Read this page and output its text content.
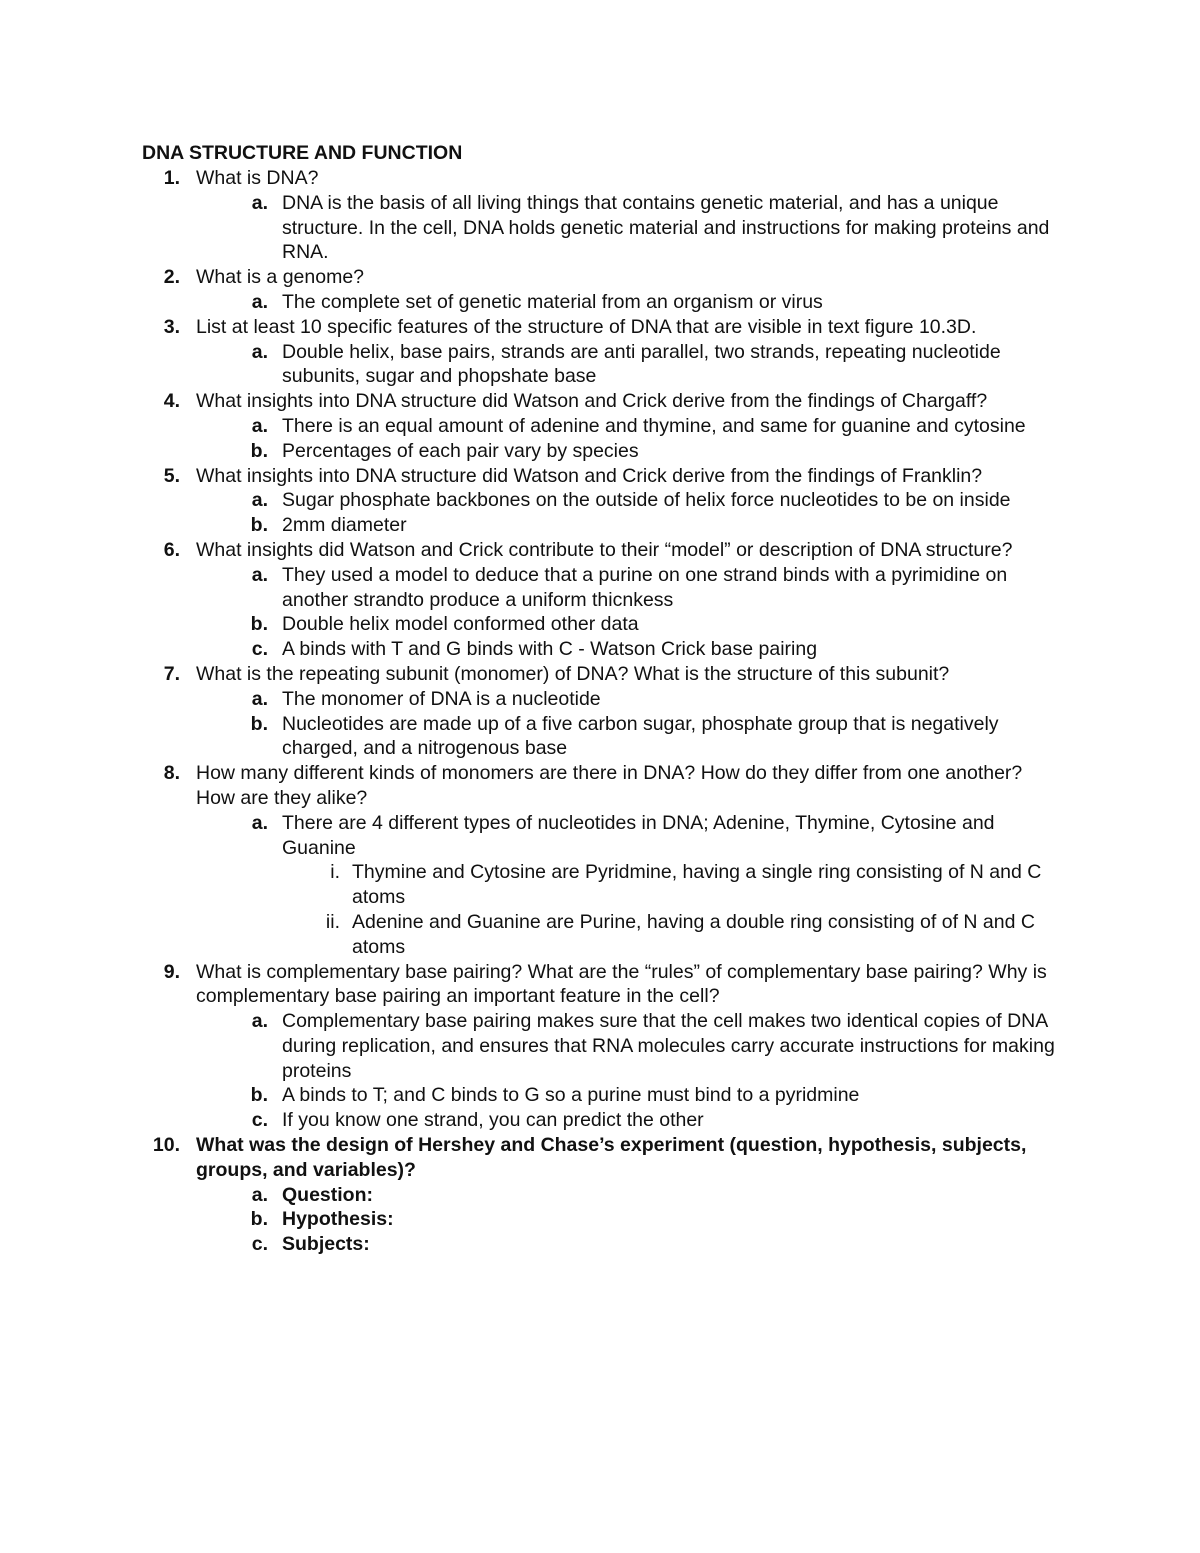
DNA STRUCTURE AND FUNCTION
1. What is DNA?
a. DNA is the basis of all living things that contains genetic material, and has a unique structure. In the cell, DNA holds genetic material and instructions for making proteins and RNA.
2. What is a genome?
a. The complete set of genetic material from an organism or virus
3. List at least 10 specific features of the structure of DNA that are visible in text figure 10.3D.
a. Double helix, base pairs, strands are anti parallel, two strands, repeating nucleotide subunits, sugar and phopshate base
4. What insights into DNA structure did Watson and Crick derive from the findings of Chargaff?
a. There is an equal amount of adenine and thymine, and same for guanine and cytosine
b. Percentages of each pair vary by species
5. What insights into DNA structure did Watson and Crick derive from the findings of Franklin?
a. Sugar phosphate backbones on the outside of helix force nucleotides to be on inside
b. 2mm diameter
6. What insights did Watson and Crick contribute to their “model” or description of DNA structure?
a. They used a model to deduce that a purine on one strand binds with a pyrimidine on another strandto produce a uniform thicnkess
b. Double helix model conformed other data
c. A binds with T and G binds with C - Watson Crick base pairing
7. What is the repeating subunit (monomer) of DNA? What is the structure of this subunit?
a. The monomer of DNA is a nucleotide
b. Nucleotides are made up of a five carbon sugar, phosphate group that is negatively charged, and a nitrogenous base
8. How many different kinds of monomers are there in DNA? How do they differ from one another? How are they alike?
a. There are 4 different types of nucleotides in DNA; Adenine, Thymine, Cytosine and Guanine
i. Thymine and Cytosine are Pyridmine, having a single ring consisting of N and C atoms
ii. Adenine and Guanine are Purine, having a double ring consisting of of N and C atoms
9. What is complementary base pairing? What are the “rules” of complementary base pairing? Why is complementary base pairing an important feature in the cell?
a. Complementary base pairing makes sure that the cell makes two identical copies of DNA during replication, and ensures that RNA molecules carry accurate instructions for making proteins
b. A binds to T; and C binds to G so a purine must bind to a pyridmine
c. If you know one strand, you can predict the other
10. What was the design of Hershey and Chase’s experiment (question, hypothesis, subjects, groups, and variables)?
a. Question:
b. Hypothesis:
c. Subjects:
